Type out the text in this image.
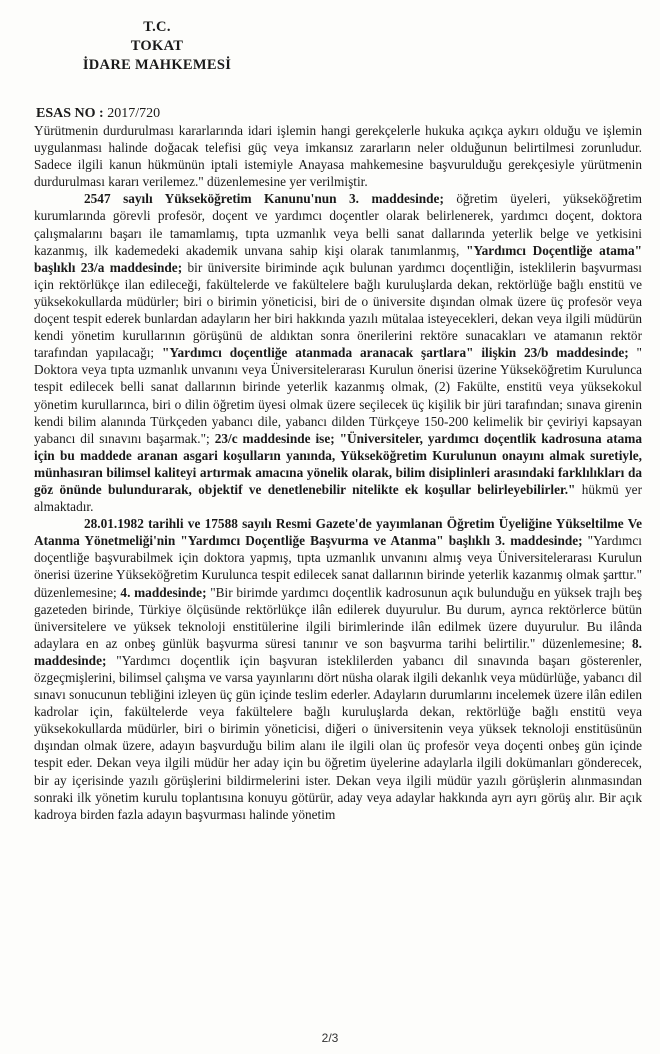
T.C.
TOKAT
İDARE MAHKEMESİ
ESAS NO : 2017/720

Yürütmenin durdurulması kararlarında idari işlemin hangi gerekçelerle hukuka açıkça aykırı olduğu ve işlemin uygulanması halinde doğacak telefisi güç veya imkansız zararların neler olduğunun belirtilmesi zorunludur. Sadece ilgili kanun hükmünün iptali istemiyle Anayasa mahkemesine başvurulduğu gerekçesiyle yürütmenin durdurulması kararı verilemez." düzenlemesine yer verilmiştir.

2547 sayılı Yükseköğretim Kanunu'nun 3. maddesinde; öğretim üyeleri, yükseköğretim kurumlarında görevli profesör, doçent ve yardımcı doçentler olarak belirlenerek, yardımcı doçent, doktora çalışmalarını başarı ile tamamlamış, tıpta uzmanlık veya belli sanat dallarında yeterlik belge ve yetkisini kazanmış, ilk kademedeki akademik unvana sahip kişi olarak tanımlanmış, "Yardımcı Doçentliğe atama" başlıklı 23/a maddesinde; bir üniversite biriminde açık bulunan yardımcı doçentliğin, isteklilerin başvurması için rektörlükçe ilan edileceği, fakültelerde ve fakültelere bağlı kuruluşlarda dekan, rektörlüğe bağlı enstitü ve yüksekokullarda müdürler; biri o birimin yöneticisi, biri de o üniversite dışından olmak üzere üç profesör veya doçent tespit ederek bunlardan adayların her biri hakkında yazılı mütalaa isteyecekleri, dekan veya ilgili müdürün kendi yönetim kurullarının görüşünü de aldıktan sonra önerilerini rektöre sunacakları ve atamanın rektör tarafından yapılacağı; "Yardımcı doçentliğe atanmada aranacak şartlara" ilişkin 23/b maddesinde; " Doktora veya tıpta uzmanlık unvanını veya Üniversitelerarası Kurulun önerisi üzerine Yükseköğretim Kurulunca tespit edilecek belli sanat dallarının birinde yeterlik kazanmış olmak, (2) Fakülte, enstitü veya yüksekokul yönetim kurullarınca, biri o dilin öğretim üyesi olmak üzere seçilecek üç kişilik bir jüri tarafından; sınava girenin kendi bilim alanında Türkçeden yabancı dile, yabancı dilden Türkçeye 150-200 kelimelik bir çeviriyi kapsayan yabancı dil sınavını başarmak."; 23/c maddesinde ise; "Üniversiteler, yardımcı doçentlik kadrosuna atama için bu maddede aranan asgari koşulların yanında, Yükseköğretim Kurulunun onayını almak suretiyle, münhasıran bilimsel kaliteyi artırmak amacına yönelik olarak, bilim disiplinleri arasındaki farklılıkları da göz önünde bulundurarak, objektif ve denetlenebilir nitelikte ek koşullar belirleyebilirler." hükmü yer almaktadır.

28.01.1982 tarihli ve 17588 sayılı Resmi Gazete'de yayımlanan Öğretim Üyeliğine Yükseltilme Ve Atanma Yönetmeliği'nin "Yardımcı Doçentliğe Başvurma ve Atanma" başlıklı 3. maddesinde; "Yardımcı doçentliğe başvurabilmek için doktora yapmış, tıpta uzmanlık unvanını almış veya Üniversitelerarası Kurulun önerisi üzerine Yükseköğretim Kurulunca tespit edilecek sanat dallarının birinde yeterlik kazanmış olmak şarttır." düzenlemesine; 4. maddesinde; "Bir birimde yardımcı doçentlik kadrosunun açık bulunduğu en yüksek trajlı beş gazeteden birinde, Türkiye ölçüsünde rektörlükçe ilân edilerek duyurulur. Bu durum, ayrıca rektörlerce bütün üniversitelere ve yüksek teknoloji enstitülerine ilgili birimlerinde ilân edilmek üzere duyurulur. Bu ilânda adaylara en az onbeş günlük başvurma süresi tanınır ve son başvurma tarihi belirtilir." düzenlemesine; 8. maddesinde; "Yardımcı doçentlik için başvuran isteklilerden yabancı dil sınavında başarı gösterenler, özgeçmişlerini, bilimsel çalışma ve varsa yayınlarını dört nüsha olarak ilgili dekanlık veya müdürlüğe, yabancı dil sınavı sonucunun tebliğini izleyen üç gün içinde teslim ederler. Adayların durumlarını incelemek üzere ilân edilen kadrolar için, fakültelerde veya fakültelere bağlı kuruluşlarda dekan, rektörlüğe bağlı enstitü veya yüksekokullarda müdürler, biri o birimin yöneticisi, diğeri o üniversitenin veya yüksek teknoloji enstitüsünün dışından olmak üzere, adayın başvurduğu bilim alanı ile ilgili olan üç profesör veya doçenti onbeş gün içinde tespit eder. Dekan veya ilgili müdür her aday için bu öğretim üyelerine adaylarla ilgili dokümanları gönderecek, bir ay içerisinde yazılı görüşlerini bildirmelerini ister. Dekan veya ilgili müdür yazılı görüşlerin alınmasından sonraki ilk yönetim kurulu toplantısına konuyu götürür, aday veya adaylar hakkında ayrı ayrı görüş alır. Bir açık kadroya birden fazla adayın başvurması halinde yönetim

2/3
